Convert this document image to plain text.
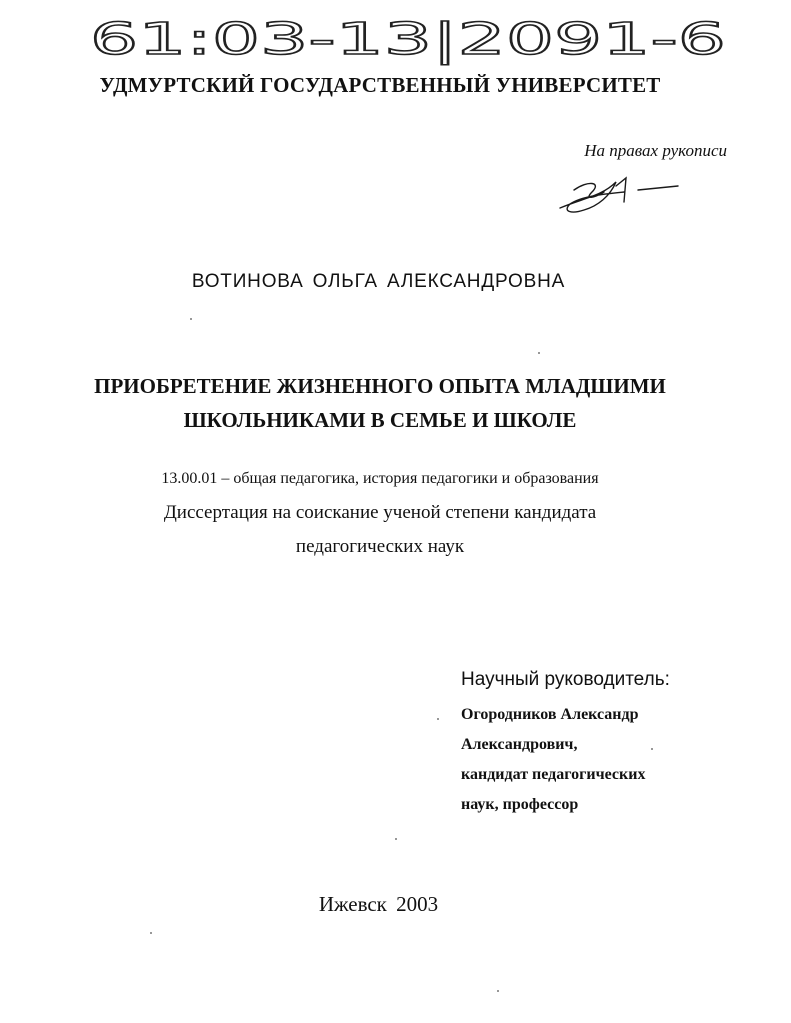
61:03-13|2091-6
УДМУРТСКИЙ ГОСУДАРСТВЕННЫЙ УНИВЕРСИТЕТ
На правах рукописи
ВОТИНОВА ОЛЬГА АЛЕКСАНДРОВНА
ПРИОБРЕТЕНИЕ ЖИЗНЕННОГО ОПЫТА МЛАДШИМИ
ШКОЛЬНИКАМИ В СЕМЬЕ И ШКОЛЕ
13.00.01 – общая педагогика, история педагогики и образования
Диссертация на соискание ученой степени кандидата
педагогических наук
Научный руководитель:
Огородников Александр
Александрович,
кандидат педагогических
наук, профессор
Ижевск 2003
